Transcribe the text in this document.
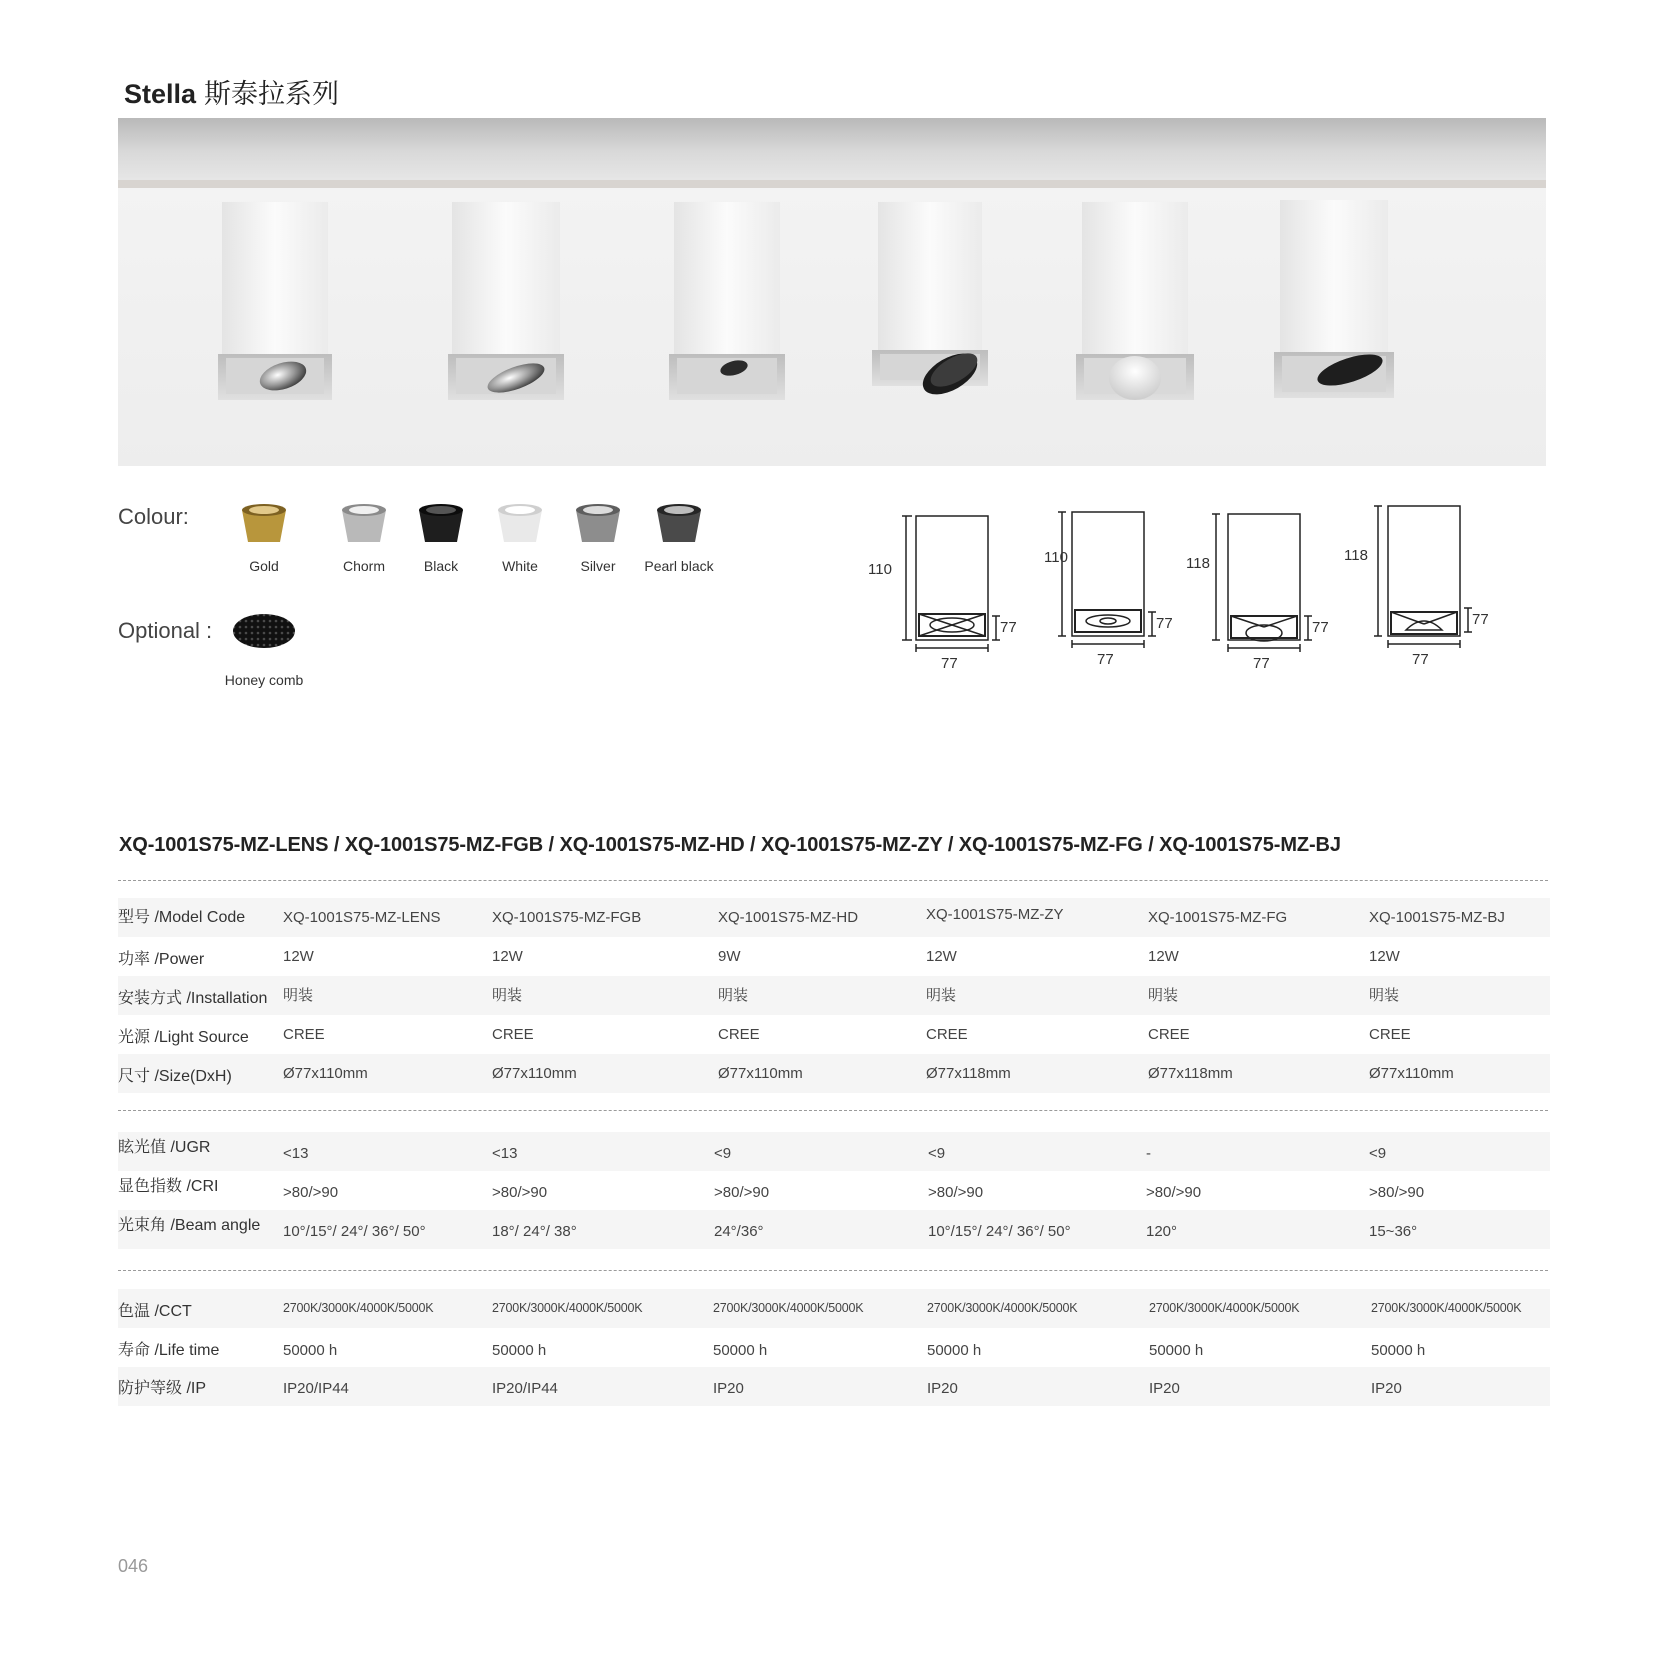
Stella 斯泰拉系列
Colour:
Gold	Chorm	Black	White	Silver	Pearl black
Optional :
Honey comb
110
77
77
110
77
77
118
77
77
118
77
77
XQ-1001S75-MZ-LENS / XQ-1001S75-MZ-FGB / XQ-1001S75-MZ-HD / XQ-1001S75-MZ-ZY / XQ-1001S75-MZ-FG / XQ-1001S75-MZ-BJ
型号 /Model Code	XQ-1001S75-MZ-LENS	XQ-1001S75-MZ-FGB	XQ-1001S75-MZ-HD	XQ-1001S75-MZ-ZY	XQ-1001S75-MZ-FG	XQ-1001S75-MZ-BJ
功率 /Power	12W	12W	9W	12W	12W	12W
安装方式 /Installation 明装	明装	明装	明装	明装	明装
光源 /Light Source CREE	CREE	CREE	CREE	CREE	CREE
尺寸 /Size(DxH)	Ø77x110mm	Ø77x110mm	Ø77x110mm	Ø77x118mm	Ø77x118mm	Ø77x110mm
眩光值 /UGR	<13	<13	<9	<9	-	<9
显色指数 /CRI	>80/>90	>80/>90	>80/>90	>80/>90	>80/>90	>80/>90
光束角 /Beam angle 10°/15°/ 24°/ 36°/ 50°	18°/ 24°/ 38°	24°/36°	10°/15°/ 24°/ 36°/ 50°	120°	15~36°
色温 /CCT	2700K/3000K/4000K/5000K	2700K/3000K/4000K/5000K	2700K/3000K/4000K/5000K	2700K/3000K/4000K/5000K	2700K/3000K/4000K/5000K	2700K/3000K/4000K/5000K
寿命 /Life time	50000 h	50000 h	50000 h	50000 h	50000 h	50000 h
防护等级 /IP	IP20/IP44	IP20/IP44	IP20	IP20	IP20	IP20
046
